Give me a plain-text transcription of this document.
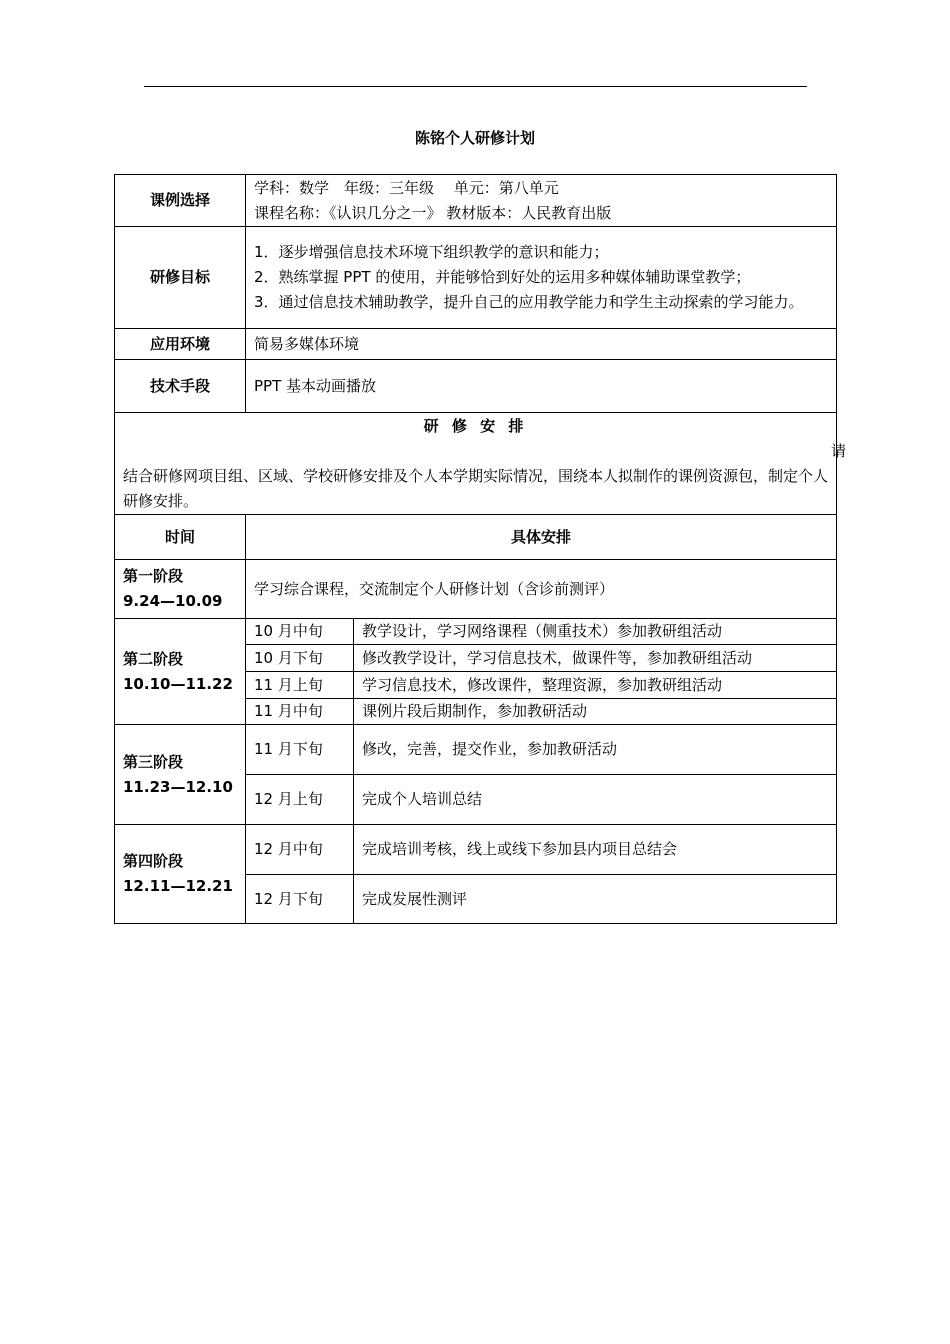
陈铭个人研修计划
课例选择	学科：数学　年级：三年级　 单元：第八单元
课程名称：《认识几分之一》 教材版本：人民教育出版	

研修目标	1．逐步增强信息技术环境下组织教学的意识和能力；
2．熟练掌握 PPT 的使用，并能够恰到好处的运用多种媒体辅助课堂教学；
3．通过信息技术辅助教学，提升自己的应用教学能力和学生主动探索的学习能力。	

应用环境	简易多媒体环境	
技术手段	PPT 基本动画播放	

研 修 安 排
请
结合研修网项目组、区域、学校研修安排及个人本学期实际情况，围绕本人拟制作的课例资源包，制定个人研修安排。		

时间	具体安排	

第一阶段
9.24—10.09	学习综合课程，交流制定个人研修计划（含诊前测评）	

第二阶段
10.10—11.22	10 月中旬	教学设计，学习网络课程（侧重技术）参加教研组活动
	10 月下旬	修改教学设计，学习信息技术，做课件等，参加教研组活动
	11 月上旬	学习信息技术，修改课件，整理资源，参加教研组活动
	11 月中旬	课例片段后期制作，参加教研活动

第三阶段
11.23—12.10	11 月下旬	修改，完善，提交作业，参加教研活动
	12 月上旬	完成个人培训总结

第四阶段
12.11—12.21	12 月中旬	完成培训考核，线上或线下参加县内项目总结会
	12 月下旬	完成发展性测评
